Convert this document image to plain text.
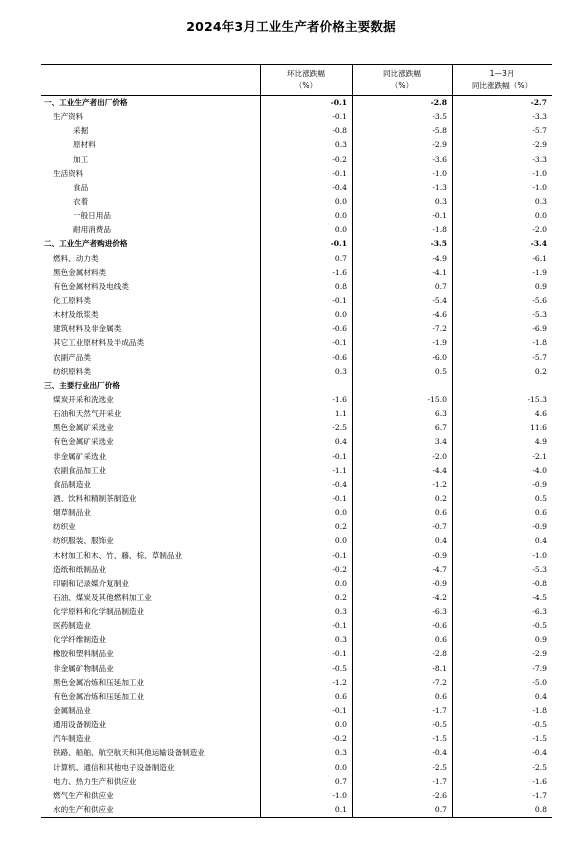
2024年3月工业生产者价格主要数据
环比涨跌幅
（%）
同比涨跌幅
（%）
1—3月
同比涨跌幅（%）
一、工业生产者出厂价格	-0.1	-2.8	-2.7
生产资料	-0.1	-3.5	-3.3
采掘	-0.8	-5.8	-5.7
原材料	0.3	-2.9	-2.9
加工	-0.2	-3.6	-3.3
生活资料	-0.1	-1.0	-1.0
食品	-0.4	-1.3	-1.0
衣着	0.0	0.3	0.3
一般日用品	0.0	-0.1	0.0
耐用消费品	0.0	-1.8	-2.0
二、工业生产者购进价格	-0.1	-3.5	-3.4
燃料、动力类	0.7	-4.9	-6.1
黑色金属材料类	-1.6	-4.1	-1.9
有色金属材料及电线类	0.8	0.7	0.9
化工原料类	-0.1	-5.4	-5.6
木材及纸浆类	0.0	-4.6	-5.3
建筑材料及非金属类	-0.6	-7.2	-6.9
其它工业原材料及半成品类	-0.1	-1.9	-1.8
农副产品类	-0.6	-6.0	-5.7
纺织原料类	0.3	0.5	0.2
三、主要行业出厂价格
煤炭开采和洗选业	-1.6	-15.0	-15.3
石油和天然气开采业	1.1	6.3	4.6
黑色金属矿采选业	-2.5	6.7	11.6
有色金属矿采选业	0.4	3.4	4.9
非金属矿采选业	-0.1	-2.0	-2.1
农副食品加工业	-1.1	-4.4	-4.0
食品制造业	-0.4	-1.2	-0.9
酒、饮料和精制茶制造业	-0.1	0.2	0.5
烟草制品业	0.0	0.6	0.6
纺织业	0.2	-0.7	-0.9
纺织服装、服饰业	0.0	0.4	0.4
木材加工和木、竹、藤、棕、草制品业	-0.1	-0.9	-1.0
造纸和纸制品业	-0.2	-4.7	-5.3
印刷和记录媒介复制业	0.0	-0.9	-0.8
石油、煤炭及其他燃料加工业	0.2	-4.2	-4.5
化学原料和化学制品制造业	0.3	-6.3	-6.3
医药制造业	-0.1	-0.6	-0.5
化学纤维制造业	0.3	0.6	0.9
橡胶和塑料制品业	-0.1	-2.8	-2.9
非金属矿物制品业	-0.5	-8.1	-7.9
黑色金属冶炼和压延加工业	-1.2	-7.2	-5.0
有色金属冶炼和压延加工业	0.6	0.6	0.4
金属制品业	-0.1	-1.7	-1.8
通用设备制造业	0.0	-0.5	-0.5
汽车制造业	-0.2	-1.5	-1.5
铁路、船舶、航空航天和其他运输设备制造业	0.3	-0.4	-0.4
计算机、通信和其他电子设备制造业	0.0	-2.5	-2.5
电力、热力生产和供应业	0.7	-1.7	-1.6
燃气生产和供应业	-1.0	-2.6	-1.7
水的生产和供应业	0.1	0.7	0.8
